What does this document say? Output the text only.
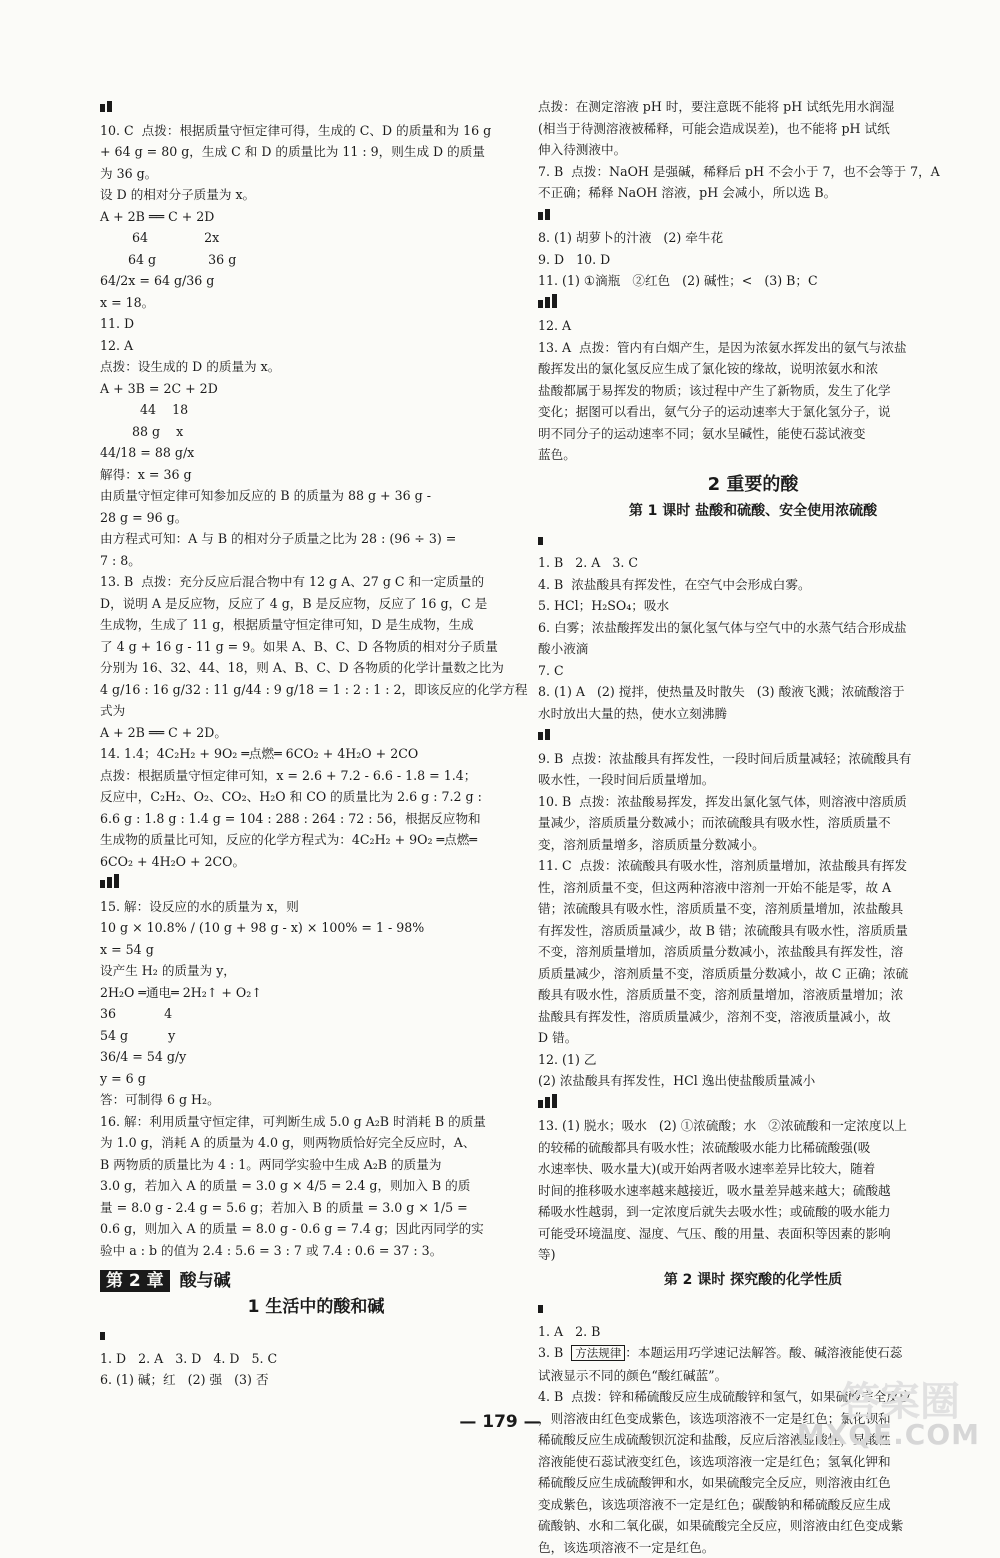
10. C  点拨：根据质量守恒定律可得，生成的 C、D 的质量和为 16 g
+ 64 g = 80 g，生成 C 和 D 的质量比为 11 : 9，则生成 D 的质量
为 36 g。
设 D 的相对分子质量为 x。
A + 2B ══ C + 2D
64              2x
64 g             36 g
64/2x = 64 g/36 g
x = 18。

11. D

12. A
点拨：设生成的 D 的质量为 x。
A + 3B = 2C + 2D
44    18
88 g    x
44/18 = 88 g/x
解得：x = 36 g
由质量守恒定律可知参加反应的 B 的质量为 88 g + 36 g -
28 g = 96 g。
由方程式可知：A 与 B 的相对分子质量之比为 28 : (96 ÷ 3) =
7 : 8。

13. B  点拨：充分反应后混合物中有 12 g A、27 g C 和一定质量的
D，说明 A 是反应物，反应了 4 g，B 是反应物，反应了 16 g，C 是
生成物，生成了 11 g，根据质量守恒定律可知，D 是生成物，生成
了 4 g + 16 g - 11 g = 9。如果 A、B、C、D 各物质的相对分子质量
分别为 16、32、44、18，则 A、B、C、D 各物质的化学计量数之比为
4 g/16 : 16 g/32 : 11 g/44 : 9 g/18 = 1 : 2 : 1 : 2，即该反应的化学方程式为
A + 2B ══ C + 2D。

14. 1.4；4C₂H₂ + 9O₂ ═点燃═ 6CO₂ + 4H₂O + 2CO
点拨：根据质量守恒定律可知，x = 2.6 + 7.2 - 6.6 - 1.8 = 1.4；
反应中，C₂H₂、O₂、CO₂、H₂O 和 CO 的质量比为 2.6 g : 7.2 g :
6.6 g : 1.8 g : 1.4 g = 104 : 288 : 264 : 72 : 56，根据反应物和
生成物的质量比可知，反应的化学方程式为：4C₂H₂ + 9O₂ ═点燃═
6CO₂ + 4H₂O + 2CO。

15. 解：设反应的水的质量为 x，则
10 g × 10.8% / (10 g + 98 g - x) × 100% = 1 - 98%
x = 54 g
设产生 H₂ 的质量为 y，
2H₂O ═通电═ 2H₂↑ + O₂↑
36            4
54 g          y
36/4 = 54 g/y
y = 6 g
答：可制得 6 g H₂。

16. 解：利用质量守恒定律，可判断生成 5.0 g A₂B 时消耗 B 的质量
为 1.0 g，消耗 A 的质量为 4.0 g，则两物质恰好完全反应时，A、
B 两物质的质量比为 4 : 1。两同学实验中生成 A₂B 的质量为
3.0 g，若加入 A 的质量 = 3.0 g × 4/5 = 2.4 g，则加入 B 的质
量 = 8.0 g - 2.4 g = 5.6 g；若加入 B 的质量 = 3.0 g × 1/5 =
0.6 g，则加入 A 的质量 = 8.0 g - 0.6 g = 7.4 g；因此丙同学的实
验中 a : b 的值为 2.4 : 5.6 = 3 : 7 或 7.4 : 0.6 = 37 : 3。

第 2 章 酸与碱
1 生活中的酸和碱

1. D   2. A   3. D   4. D   5. C
6. (1) 碱；红   (2) 强   (3) 否

点拨：在测定溶液 pH 时，要注意既不能将 pH 试纸先用水润湿
(相当于待测溶液被稀释，可能会造成误差)，也不能将 pH 试纸
伸入待测液中。

7. B  点拨：NaOH 是强碱，稀释后 pH 不会小于 7，也不会等于 7，A
不正确；稀释 NaOH 溶液，pH 会减小，所以选 B。

8. (1) 胡萝卜的汁液   (2) 牵牛花
9. D   10. D
11. (1) ①滴瓶   ②红色   (2) 碱性；<   (3) B；C

12. A
13. A  点拨：管内有白烟产生，是因为浓氨水挥发出的氨气与浓盐
酸挥发出的氯化氢反应生成了氯化铵的缘故，说明浓氨水和浓
盐酸都属于易挥发的物质；该过程中产生了新物质，发生了化学
变化；据图可以看出，氨气分子的运动速率大于氯化氢分子，说
明不同分子的运动速率不同；氨水呈碱性，能使石蕊试液变
蓝色。

2 重要的酸
第 1 课时 盐酸和硫酸、安全使用浓硫酸

1. B   2. A   3. C
4. B  浓盐酸具有挥发性，在空气中会形成白雾。
5. HCl；H₂SO₄；吸水
6. 白雾；浓盐酸挥发出的氯化氢气体与空气中的水蒸气结合形成盐
酸小液滴
7. C
8. (1) A   (2) 搅拌，使热量及时散失   (3) 酸液飞溅；浓硫酸溶于
水时放出大量的热，使水立刻沸腾

9. B  点拨：浓盐酸具有挥发性，一段时间后质量减轻；浓硫酸具有
吸水性，一段时间后质量增加。
10. B  点拨：浓盐酸易挥发，挥发出氯化氢气体，则溶液中溶质质
量减少，溶质质量分数减小；而浓硫酸具有吸水性，溶质质量不
变，溶剂质量增多，溶质质量分数减小。
11. C  点拨：浓硫酸具有吸水性，溶剂质量增加，浓盐酸具有挥发
性，溶剂质量不变，但这两种溶液中溶剂一开始不能是零，故 A
错；浓硫酸具有吸水性，溶质质量不变，溶剂质量增加，浓盐酸具
有挥发性，溶质质量减少，故 B 错；浓硫酸具有吸水性，溶质质量
不变，溶剂质量增加，溶质质量分数减小，浓盐酸具有挥发性，溶
质质量减少，溶剂质量不变，溶质质量分数减小，故 C 正确；浓硫
酸具有吸水性，溶质质量不变，溶剂质量增加，溶液质量增加；浓
盐酸具有挥发性，溶质质量减少，溶剂不变，溶液质量减小，故
D 错。
12. (1) 乙
(2) 浓盐酸具有挥发性，HCl 逸出使盐酸质量减小

13. (1) 脱水；吸水   (2) ①浓硫酸；水   ②浓硫酸和一定浓度以上
的较稀的硫酸都具有吸水性；浓硫酸吸水能力比稀硫酸强(吸
水速率快、吸水量大)(或开始两者吸水速率差异比较大，随着
时间的推移吸水速率越来越接近，吸水量差异越来越大；硫酸越
稀吸水性越弱，到一定浓度后就失去吸水性；或硫酸的吸水能力
可能受环境温度、湿度、气压、酸的用量、表面积等因素的影响
等)

第 2 课时 探究酸的化学性质

1. A   2. B

3. B  方法规律 ：本题运用巧学速记法解答。酸、碱溶液能使石蕊
试液显示不同的颜色“酸红碱蓝”。

4. B  点拨：锌和稀硫酸反应生成硫酸锌和氢气，如果硫酸完全反应
，则溶液由红色变成紫色，该选项溶液不一定是红色；氯化钡和
稀硫酸反应生成硫酸钡沉淀和盐酸，反应后溶液显酸性，显酸性
溶液能使石蕊试液变红色，该选项溶液一定是红色；氢氧化钾和
稀硫酸反应生成硫酸钾和水，如果硫酸完全反应，则溶液由红色
变成紫色，该选项溶液不一定是红色；碳酸钠和稀硫酸反应生成
硫酸钠、水和二氧化碳，如果硫酸完全反应，则溶液由红色变成紫
色，该选项溶液不一定是红色。

— 179 —	答案圈
MXQE.COM
